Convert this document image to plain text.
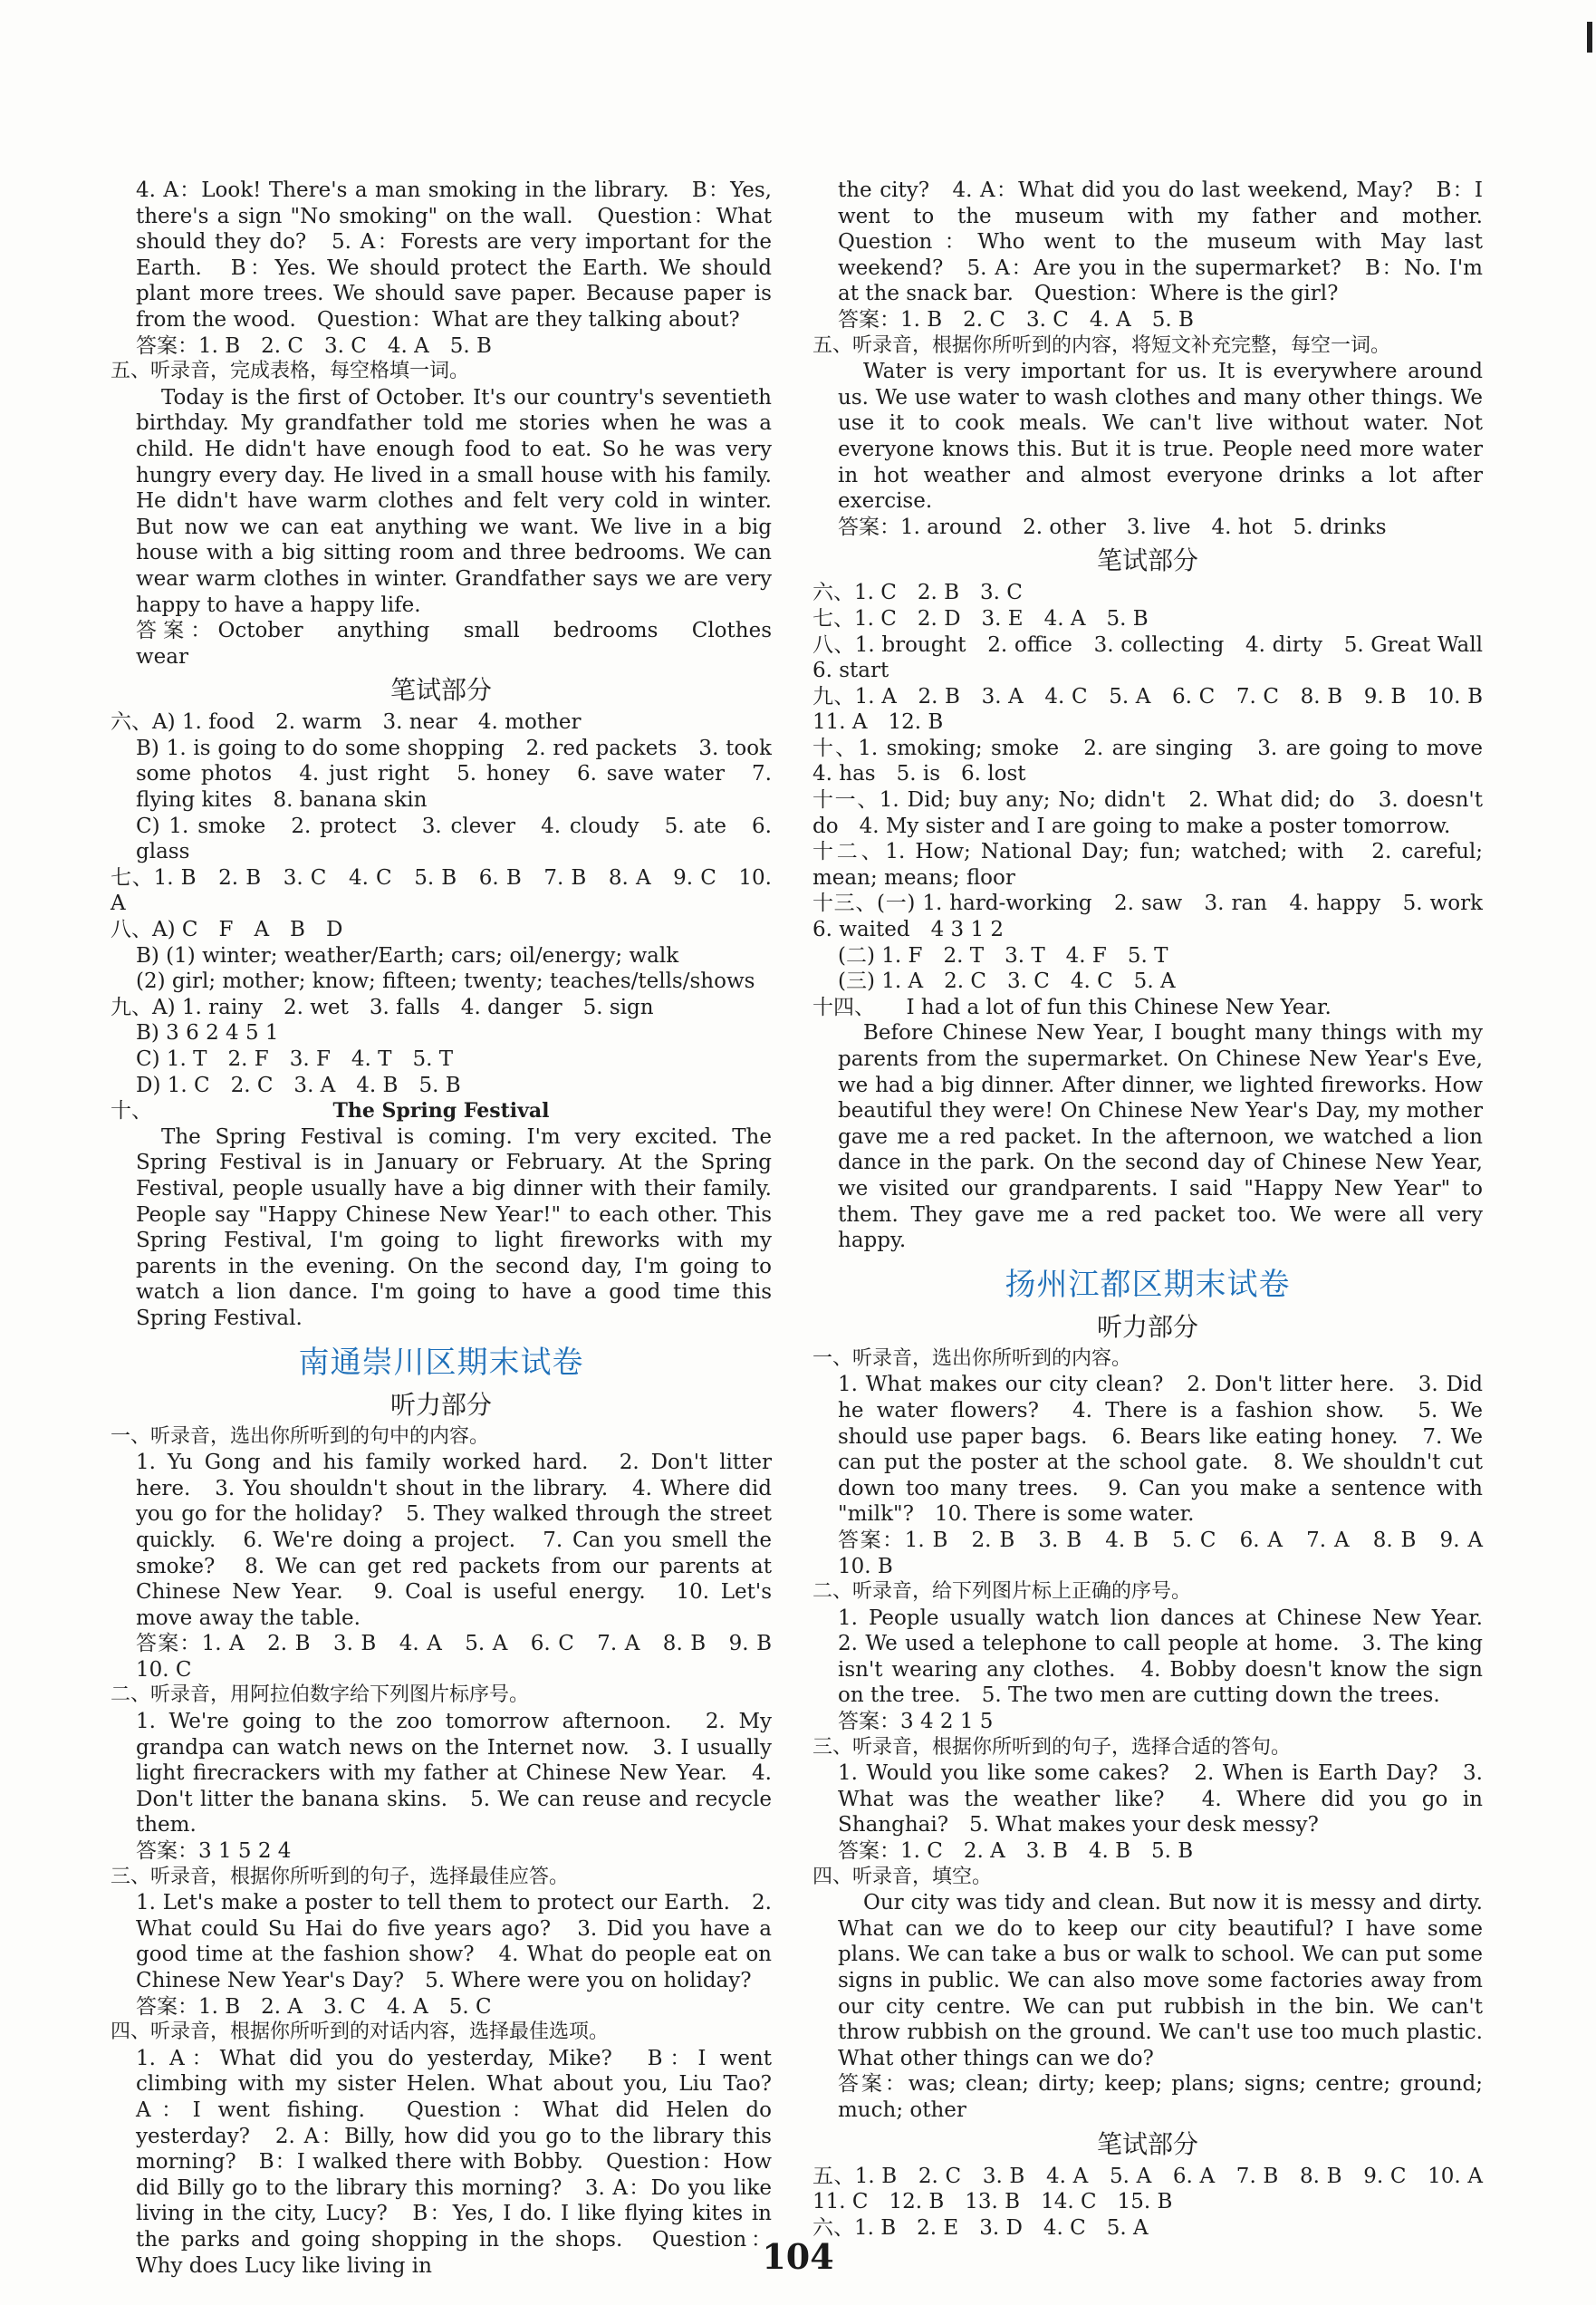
4. A：Look! There's a man smoking in the library.　B：Yes, there's a sign "No smoking" on the wall.　Question：What should they do?　5. A：Forests are very important for the Earth.　B：Yes. We should protect the Earth. We should plant more trees. We should save paper. Because paper is from the wood.　Question：What are they talking about?

答案：1. B　2. C　3. C　4. A　5. B

五、听录音，完成表格，每空格填一词。

Today is the first of October. It's our country's seventieth birthday. My grandfather told me stories when he was a child. He didn't have enough food to eat. So he was very hungry every day. He lived in a small house with his family. He didn't have warm clothes and felt very cold in winter. But now we can eat anything we want. We live in a big house with a big sitting room and three bedrooms. We can wear warm clothes in winter. Grandfather says we are very happy to have a happy life.

答案：October　anything　small　bedrooms　Clothes　wear

笔试部分

六、A) 1. food　2. warm　3. near　4. mother

B) 1. is going to do some shopping　2. red packets　3. took some photos　4. just right　5. honey　6. save water　7. flying kites　8. banana skin

C) 1. smoke　2. protect　3. clever　4. cloudy　5. ate　6. glass

七、1. B　2. B　3. C　4. C　5. B　6. B　7. B　8. A　9. C　10. A

八、A) C　F　A　B　D

B) (1) winter; weather/Earth; cars; oil/energy; walk

(2) girl; mother; know; fifteen; twenty; teaches/tells/shows

九、A) 1. rainy　2. wet　3. falls　4. danger　5. sign

B) 3 6 2 4 5 1

C) 1. T　2. F　3. F　4. T　5. T

D) 1. C　2. C　3. A　4. B　5. B

十、	The Spring Festival

The Spring Festival is coming. I'm very excited. The Spring Festival is in January or February. At the Spring Festival, people usually have a big dinner with their family. People say "Happy Chinese New Year!" to each other. This Spring Festival, I'm going to light fireworks with my parents in the evening. On the second day, I'm going to watch a lion dance. I'm going to have a good time this Spring Festival.

南通崇川区期末试卷

听力部分

一、听录音，选出你所听到的句中的内容。

1. Yu Gong and his family worked hard.　2. Don't litter here.　3. You shouldn't shout in the library.　4. Where did you go for the holiday?　5. They walked through the street quickly.　6. We're doing a project.　7. Can you smell the smoke?　8. We can get red packets from our parents at Chinese New Year.　9. Coal is useful energy.　10. Let's move away the table.

答案：1. A　2. B　3. B　4. A　5. A　6. C　7. A　8. B　9. B　10. C

二、听录音，用阿拉伯数字给下列图片标序号。

1. We're going to the zoo tomorrow afternoon.　2. My grandpa can watch news on the Internet now.　3. I usually light firecrackers with my father at Chinese New Year.　4. Don't litter the banana skins.　5. We can reuse and recycle them.

答案：3 1 5 2 4

三、听录音，根据你所听到的句子，选择最佳应答。

1. Let's make a poster to tell them to protect our Earth.　2. What could Su Hai do five years ago?　3. Did you have a good time at the fashion show?　4. What do people eat on Chinese New Year's Day?　5. Where were you on holiday?

答案：1. B　2. A　3. C　4. A　5. C

四、听录音，根据你所听到的对话内容，选择最佳选项。

1. A：What did you do yesterday, Mike?　B：I went climbing with my sister Helen. What about you, Liu Tao?　A：I went fishing.　Question：What did Helen do yesterday?　2. A：Billy, how did you go to the library this morning?　B：I walked there with Bobby.　Question：How did Billy go to the library this morning?　3. A：Do you like living in the city, Lucy?　B：Yes, I do. I like flying kites in the parks and going shopping in the shops.　Question：Why does Lucy like living in

the city?　4. A：What did you do last weekend, May?　B：I went to the museum with my father and mother.　Question：Who went to the museum with May last weekend?　5. A：Are you in the supermarket?　B：No. I'm at the snack bar.　Question：Where is the girl?

答案：1. B　2. C　3. C　4. A　5. B

五、听录音，根据你所听到的内容，将短文补充完整，每空一词。

Water is very important for us. It is everywhere around us. We use water to wash clothes and many other things. We use it to cook meals. We can't live without water. Not everyone knows this. But it is true. People need more water in hot weather and almost everyone drinks a lot after exercise.

答案：1. around　2. other　3. live　4. hot　5. drinks

笔试部分

六、1. C　2. B　3. C

七、1. C　2. D　3. E　4. A　5. B

八、1. brought　2. office　3. collecting　4. dirty　5. Great Wall　6. start

九、1. A　2. B　3. A　4. C　5. A　6. C　7. C　8. B　9. B　10. B　11. A　12. B

十、1. smoking; smoke　2. are singing　3. are going to move　4. has　5. is　6. lost

十一、1. Did; buy any; No; didn't　2. What did; do　3. doesn't do　4. My sister and I are going to make a poster tomorrow.

十二、1. How; National Day; fun; watched; with　2. careful; mean; means; floor

十三、(一) 1. hard-working　2. saw　3. ran　4. happy　5. work　6. waited　4 3 1 2

(二) 1. F　2. T　3. T　4. F　5. T

(三) 1. A　2. C　3. C　4. C　5. A

十四、　　I had a lot of fun this Chinese New Year.

Before Chinese New Year, I bought many things with my parents from the supermarket. On Chinese New Year's Eve, we had a big dinner. After dinner, we lighted fireworks. How beautiful they were! On Chinese New Year's Day, my mother gave me a red packet. In the afternoon, we watched a lion dance in the park. On the second day of Chinese New Year, we visited our grandparents. I said "Happy New Year" to them. They gave me a red packet too. We were all very happy.

扬州江都区期末试卷

听力部分

一、听录音，选出你所听到的内容。

1. What makes our city clean?　2. Don't litter here.　3. Did he water flowers?　4. There is a fashion show.　5. We should use paper bags.　6. Bears like eating honey.　7. We can put the poster at the school gate.　8. We shouldn't cut down too many trees.　9. Can you make a sentence with "milk"?　10. There is some water.

答案：1. B　2. B　3. B　4. B　5. C　6. A　7. A　8. B　9. A　10. B

二、听录音，给下列图片标上正确的序号。

1. People usually watch lion dances at Chinese New Year.　2. We used a telephone to call people at home.　3. The king isn't wearing any clothes.　4. Bobby doesn't know the sign on the tree.　5. The two men are cutting down the trees.

答案：3 4 2 1 5

三、听录音，根据你所听到的句子，选择合适的答句。

1. Would you like some cakes?　2. When is Earth Day?　3. What was the weather like?　4. Where did you go in Shanghai?　5. What makes your desk messy?

答案：1. C　2. A　3. B　4. B　5. B

四、听录音，填空。

Our city was tidy and clean. But now it is messy and dirty. What can we do to keep our city beautiful? I have some plans. We can take a bus or walk to school. We can put some signs in public. We can also move some factories away from our city centre. We can put rubbish in the bin. We can't throw rubbish on the ground. We can't use too much plastic. What other things can we do?

答案：was; clean; dirty; keep; plans; signs; centre; ground; much; other

笔试部分

五、1. B　2. C　3. B　4. A　5. A　6. A　7. B　8. B　9. C　10. A　11. C　12. B　13. B　14. C　15. B

六、1. B　2. E　3. D　4. C　5. A

104
